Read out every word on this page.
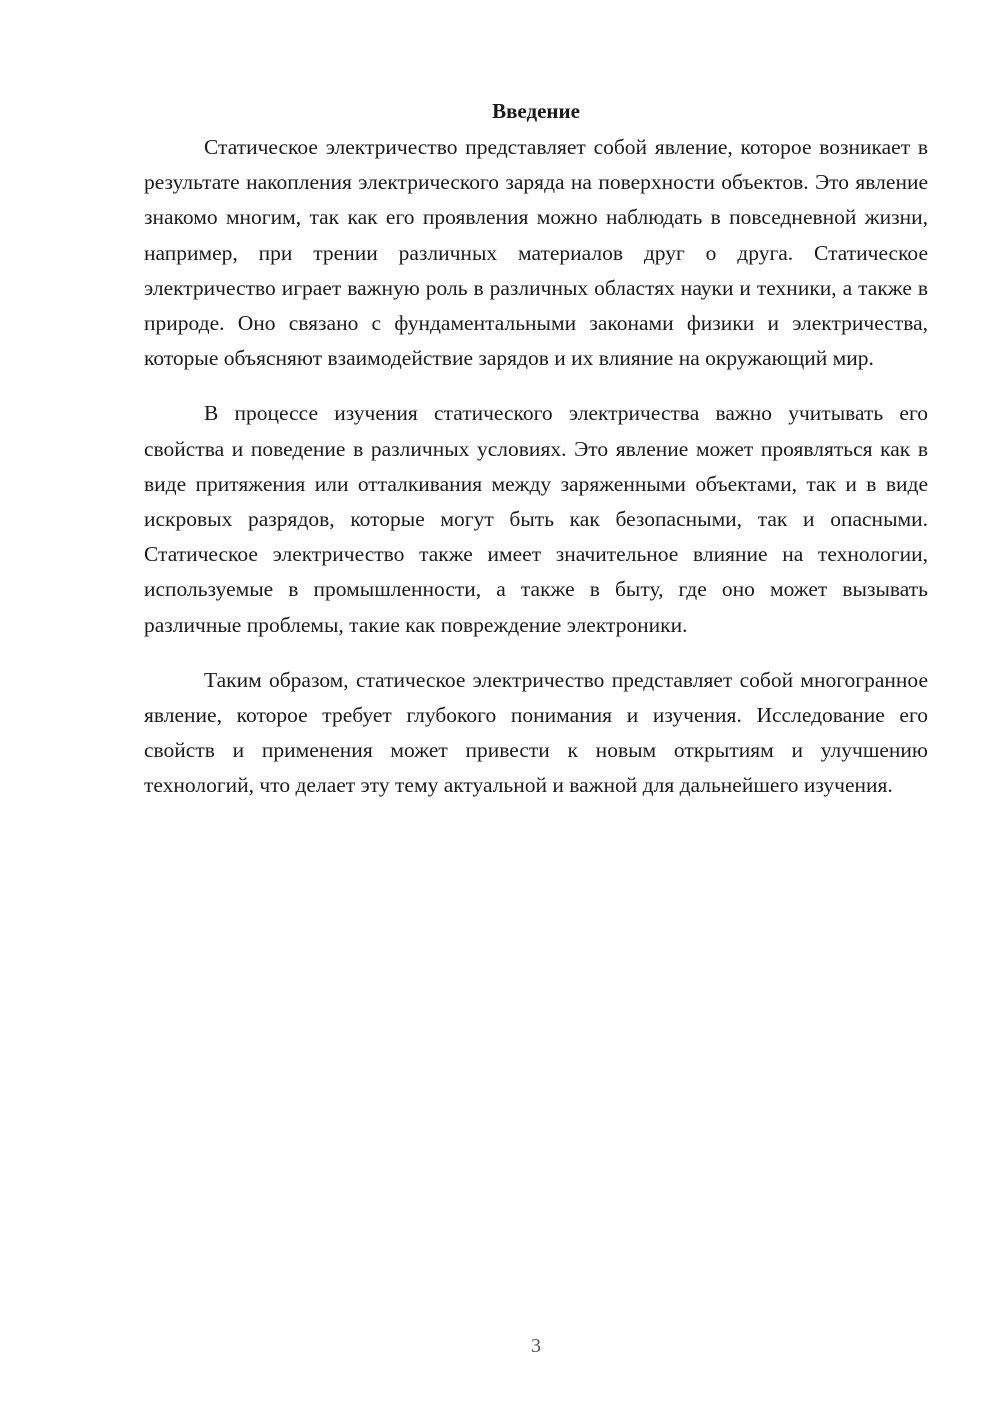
Введение

Статическое электричество представляет собой явление, которое возникает в результате накопления электрического заряда на поверхности объектов. Это явление знакомо многим, так как его проявления можно наблюдать в повседневной жизни, например, при трении различных материалов друг о друга. Статическое электричество играет важную роль в различных областях науки и техники, а также в природе. Оно связано с фундаментальными законами физики и электричества, которые объясняют взаимодействие зарядов и их влияние на окружающий мир.

В процессе изучения статического электричества важно учитывать его свойства и поведение в различных условиях. Это явление может проявляться как в виде притяжения или отталкивания между заряженными объектами, так и в виде искровых разрядов, которые могут быть как безопасными, так и опасными. Статическое электричество также имеет значительное влияние на технологии, используемые в промышленности, а также в быту, где оно может вызывать различные проблемы, такие как повреждение электроники.

Таким образом, статическое электричество представляет собой многогранное явление, которое требует глубокого понимания и изучения. Исследование его свойств и применения может привести к новым открытиям и улучшению технологий, что делает эту тему актуальной и важной для дальнейшего изучения.

3
